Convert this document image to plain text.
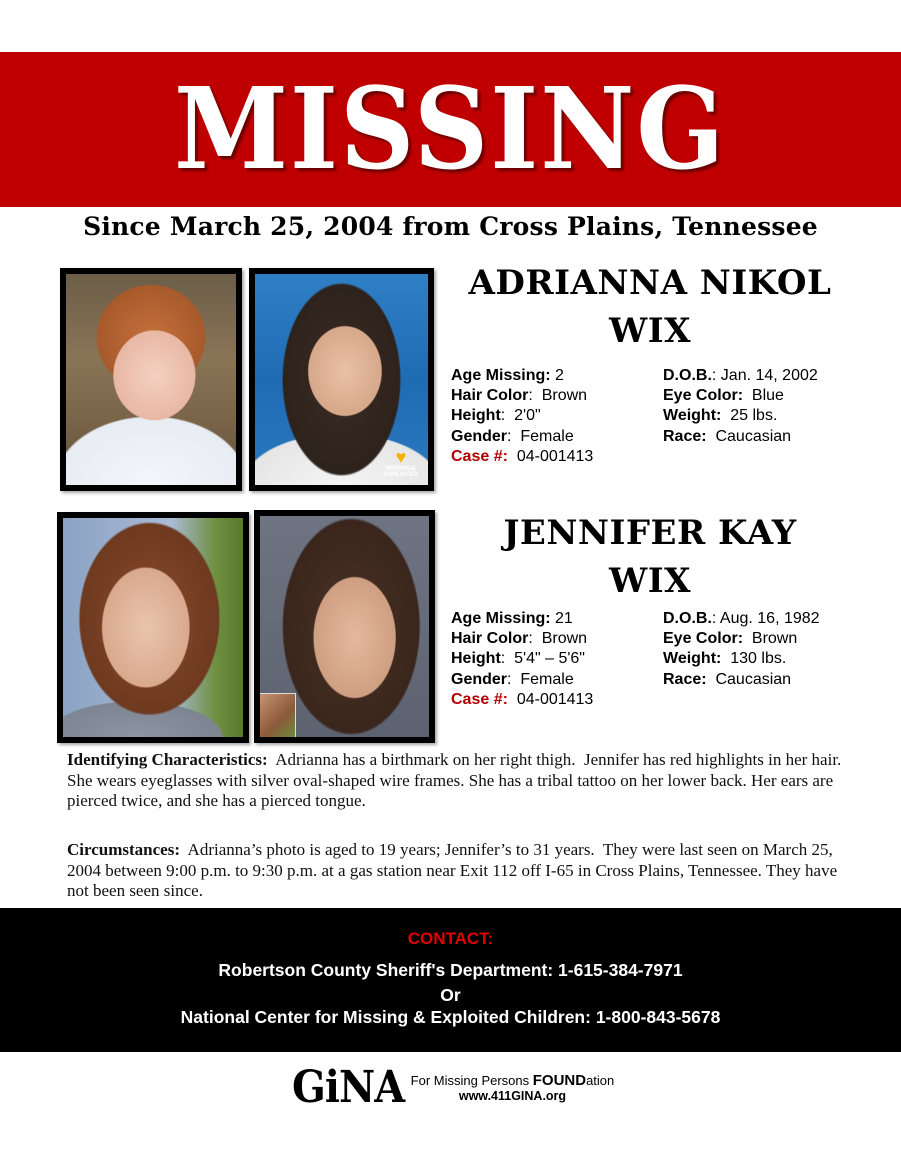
MISSING
Since March 25, 2004 from Cross Plains, Tennessee
♥
MISSING&
EXPLOITED
ADRIANNA NIKOL
WIX
Age Missing: 2
Hair Color:  Brown
Height:  2'0"
Gender:  Female
Case #:  04-001413
D.O.B.: Jan. 14, 2002
Eye Color:  Blue
Weight:  25 lbs.
Race:  Caucasian
JENNIFER KAY
WIX
Age Missing: 21
Hair Color:  Brown
Height:  5'4" – 5'6"
Gender:  Female
Case #:  04-001413
D.O.B.: Aug. 16, 1982
Eye Color:  Brown
Weight:  130 lbs.
Race:  Caucasian
Identifying Characteristics:  Adrianna has a birthmark on her right thigh.  Jennifer has red highlights in her hair. She wears eyeglasses with silver oval-shaped wire frames. She has a tribal tattoo on her lower back. Her ears are pierced twice, and she has a pierced tongue.
Circumstances:  Adrianna’s photo is aged to 19 years; Jennifer’s to 31 years.  They were last seen on March 25, 2004 between 9:00 p.m. to 9:30 p.m. at a gas station near Exit 112 off I-65 in Cross Plains, Tennessee. They have not been seen since.
CONTACT:
Robertson County Sheriff's Department: 1-615-384-7971
Or
National Center for Missing & Exploited Children: 1-800-843-5678
GiNA For Missing Persons FOUNDation
www.411GINA.org
